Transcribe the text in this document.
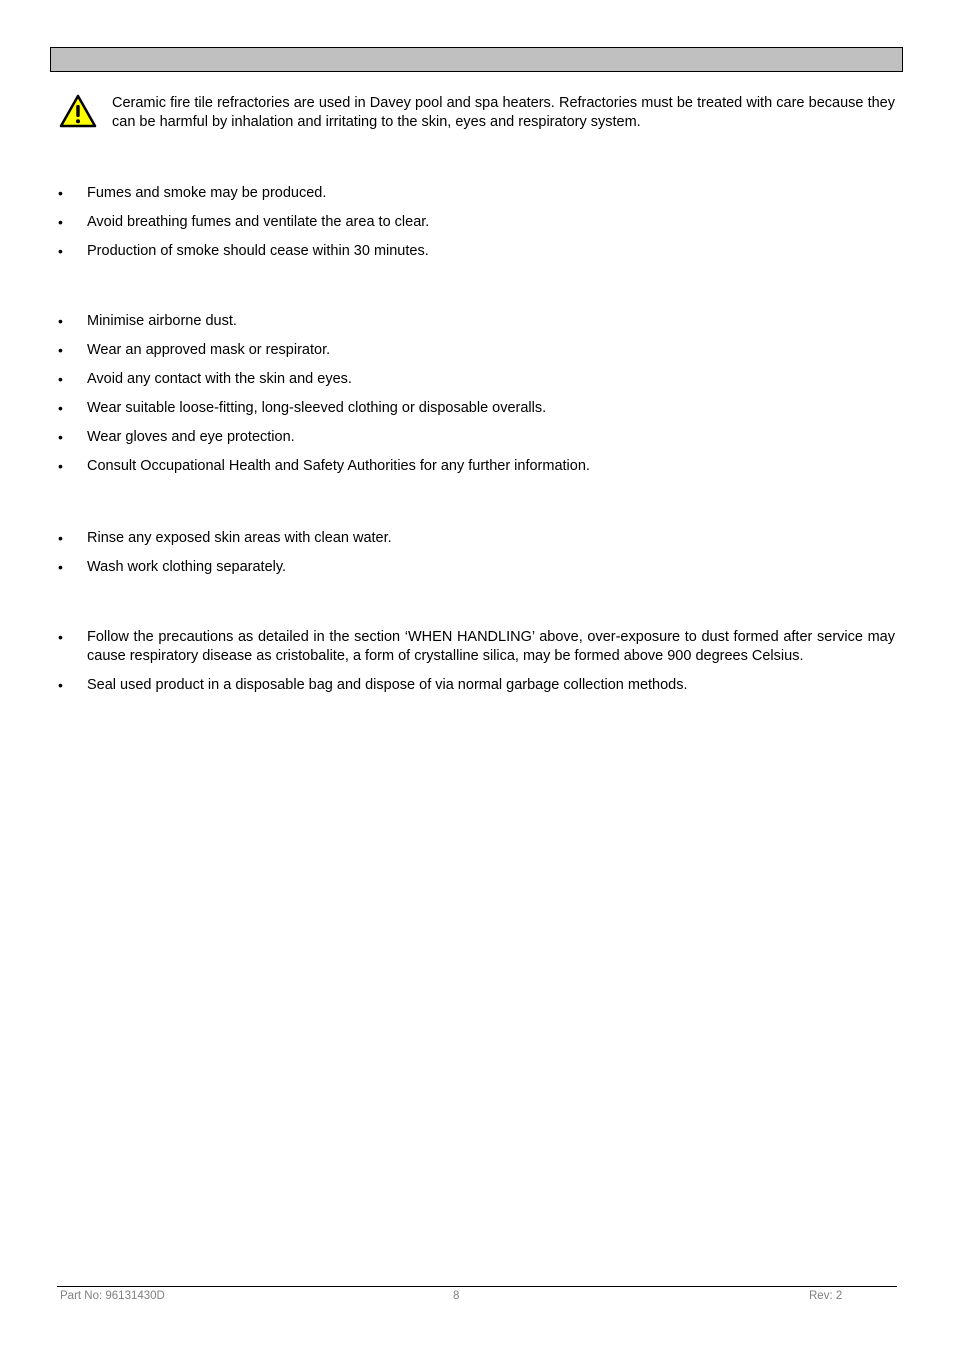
Ceramic fire tile refractories are used in Davey pool and spa heaters. Refractories must be treated with care because they can be harmful by inhalation and irritating to the skin, eyes and respiratory system.

• Fumes and smoke may be produced.
• Avoid breathing fumes and ventilate the area to clear.
• Production of smoke should cease within 30 minutes.
• Minimise airborne dust.
• Wear an approved mask or respirator.
• Avoid any contact with the skin and eyes.
• Wear suitable loose-fitting, long-sleeved clothing or disposable overalls.
• Wear gloves and eye protection.
• Consult Occupational Health and Safety Authorities for any further information.
• Rinse any exposed skin areas with clean water.
• Wash work clothing separately.
• Follow the precautions as detailed in the section ‘WHEN HANDLING’ above, over-exposure to dust formed after service may cause respiratory disease as cristobalite, a form of crystalline silica, may be formed above 900 degrees Celsius.
• Seal used product in a disposable bag and dispose of via normal garbage collection methods.
Part No: 96131430D	8	Rev: 2
